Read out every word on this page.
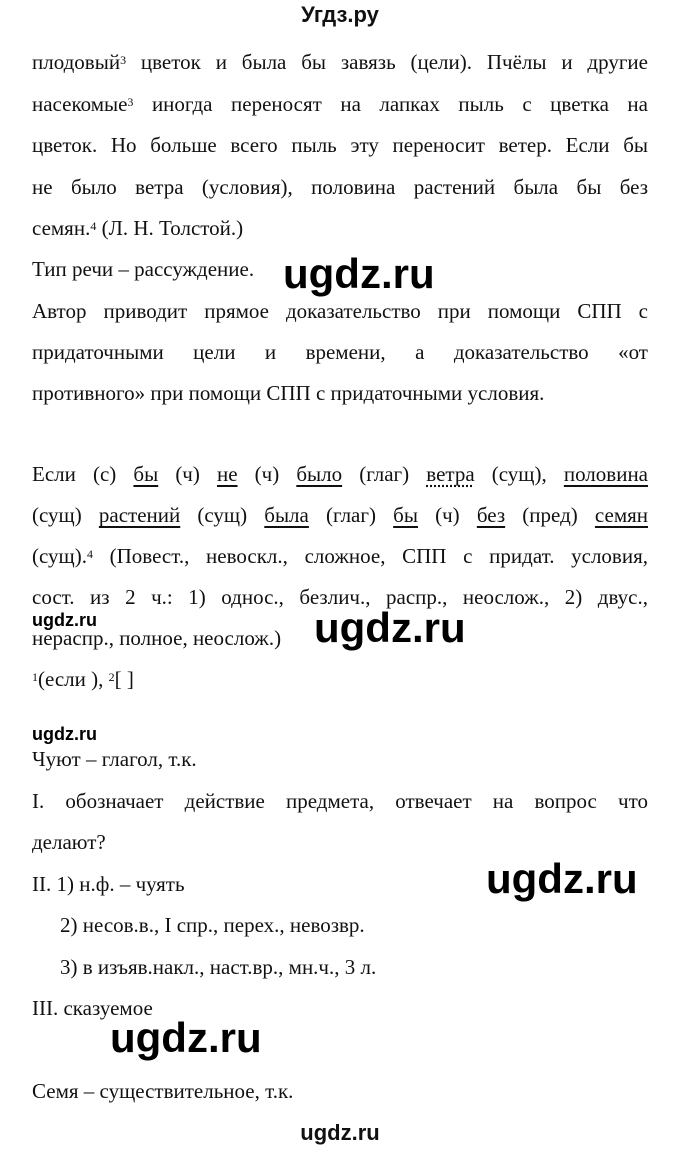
Угдз.ру
плодовый$^3$ цветок и была бы завязь (цели). Пчёлы и другие
насекомые$^3$ иногда переносят на лапках пыль с цветка на
цветок. Но больше всего пыль эту переносит ветер. Если бы
не было ветра (условия), половина растений была бы без
семян.$^4$ (Л. Н. Толстой.)
Тип речи – рассуждение.
Автор приводит прямое доказательство при помощи СПП с
придаточными цели и времени, а доказательство «от
противного» при помощи СПП с придаточными условия.
Если (с) бы (ч) не (ч) было (глаг) ветра (сущ), половина
(сущ) растений (сущ) была (глаг) бы (ч) без (пред) семян
(сущ).$^4$ (Повест., невоскл., сложное, СПП с придат. условия,
сост. из 2 ч.: 1) однос., безлич., распр., неослож., 2) двус.,
нераспр., полное, неослож.)
$^1$(если ), $^2$[ ]
Чуют – глагол, т.к.
I. обозначает действие предмета, отвечает на вопрос что
делают?
II. 1) н.ф. – чуять
2) несов.в., I спр., перех., невозвр.
3) в изъяв.накл., наст.вр., мн.ч., 3 л.
III. сказуемое
Семя – существительное, т.к.
ugdz.ru
ugdz.ru	ugdz.ru
ugdz.ru
ugdz.ru
ugdz.ru
ugdz.ru
